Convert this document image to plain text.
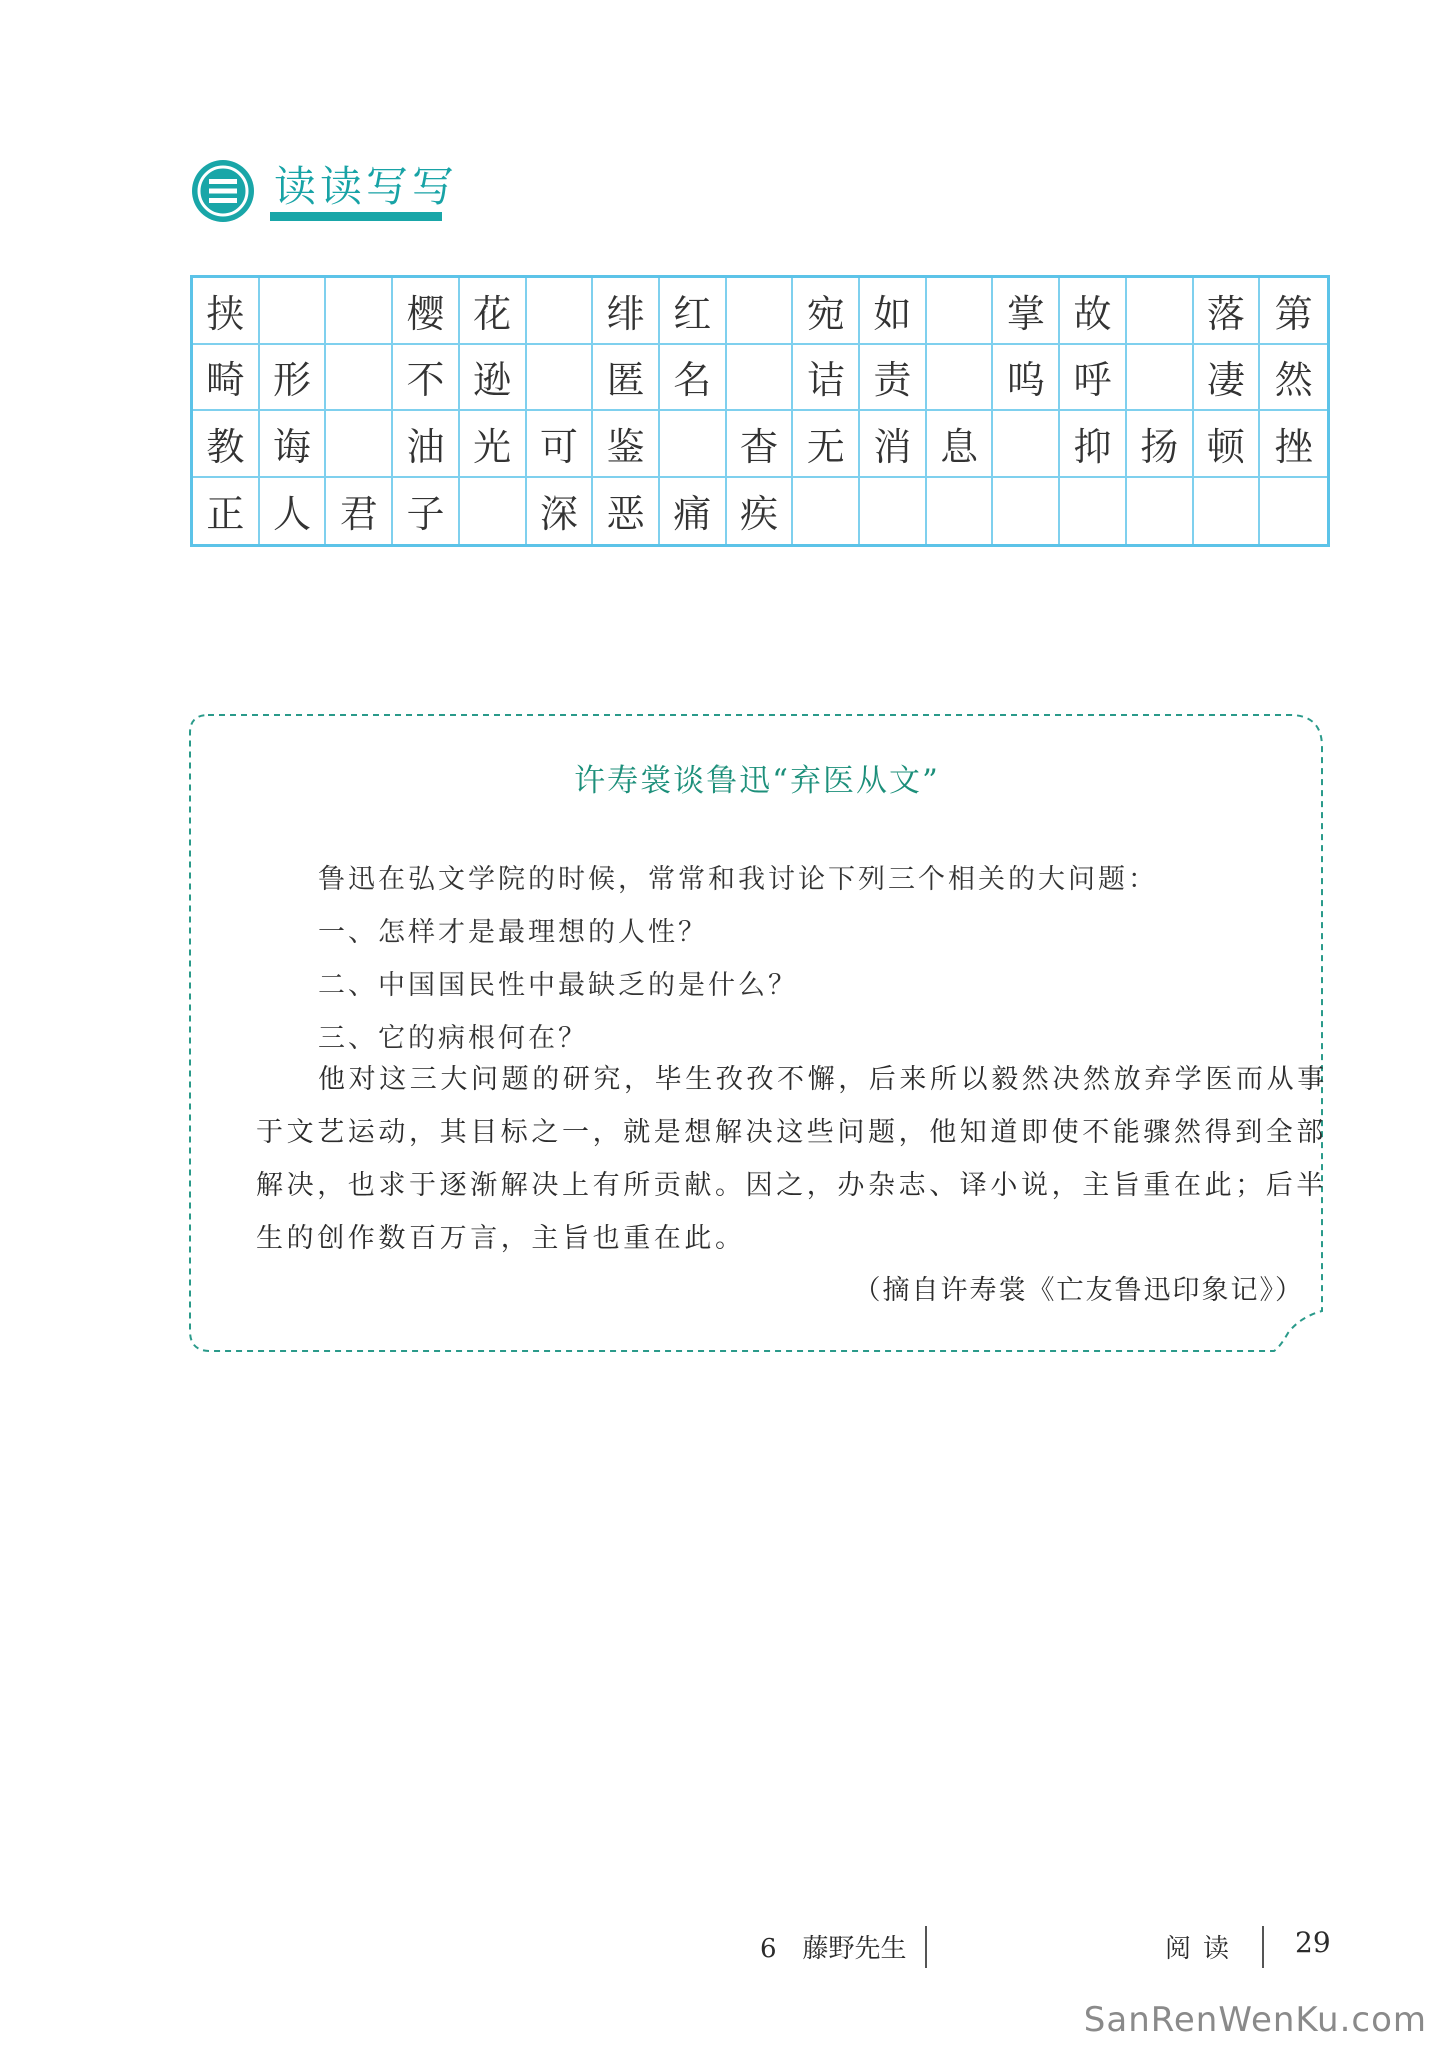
读读写写
挟	樱 花	绯 红	宛 如	掌 故	落 第
畸 形	不 逊	匿 名	诘 责	呜 呼	凄 然
教 诲	油 光 可 鉴	杳 无 消 息	抑 扬 顿 挫
正 人 君 子	深 恶 痛 疾
许寿裳谈鲁迅“弃医从文”
鲁迅在弘文学院的时候，常常和我讨论下列三个相关的大问题：
一、怎样才是最理想的人性？
二、中国国民性中最缺乏的是什么？
三、它的病根何在？
他对这三大问题的研究，毕生孜孜不懈，后来所以毅然决然放弃学医而从事
于文艺运动，其目标之一，就是想解决这些问题，他知道即使不能骤然得到全部
解决，也求于逐渐解决上有所贡献。因之，办杂志、译小说，主旨重在此；后半
生的创作数百万言，主旨也重在此。
（摘自许寿裳《亡友鲁迅印象记》）
6　藤野先生	阅读 29
SanRenWenKu.com
